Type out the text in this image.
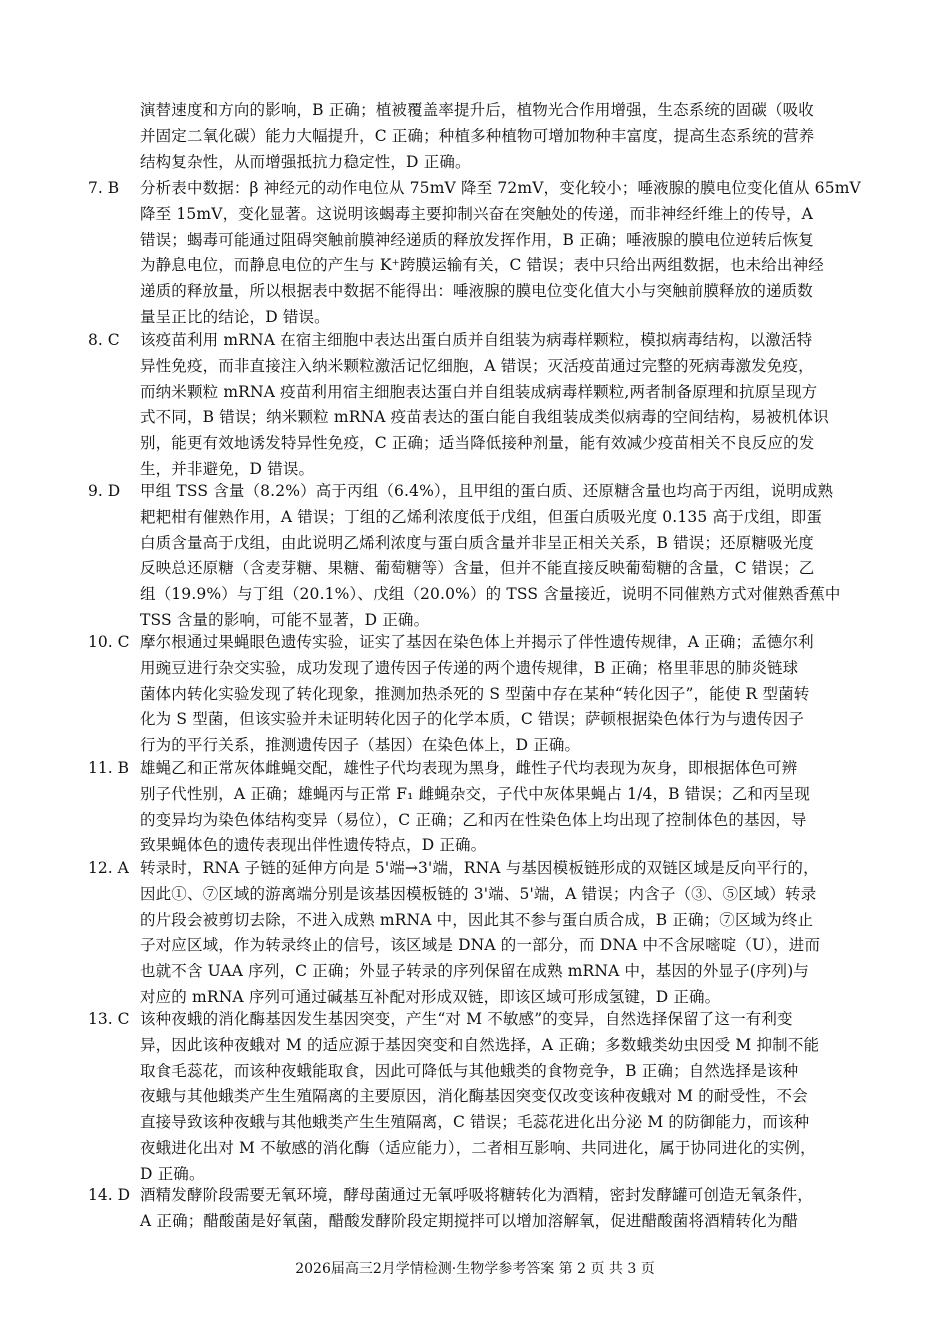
演替速度和方向的影响，B 正确；植被覆盖率提升后，植物光合作用增强，生态系统的固碳（吸收
并固定二氧化碳）能力大幅提升，C 正确；种植多种植物可增加物种丰富度，提高生态系统的营养
结构复杂性，从而增强抵抗力稳定性，D 正确。
7. B 分析表中数据：β 神经元的动作电位从 75mV 降至 72mV，变化较小；唾液腺的膜电位变化值从 65mV
降至 15mV，变化显著。这说明该蝎毒主要抑制兴奋在突触处的传递，而非神经纤维上的传导，A
错误；蝎毒可能通过阻碍突触前膜神经递质的释放发挥作用，B 正确；唾液腺的膜电位逆转后恢复
为静息电位，而静息电位的产生与 K⁺跨膜运输有关，C 错误；表中只给出两组数据，也未给出神经
递质的释放量，所以根据表中数据不能得出：唾液腺的膜电位变化值大小与突触前膜释放的递质数
量呈正比的结论，D 错误。
8. C 该疫苗利用 mRNA 在宿主细胞中表达出蛋白质并自组装为病毒样颗粒，模拟病毒结构，以激活特
异性免疫，而非直接注入纳米颗粒激活记忆细胞，A 错误；灭活疫苗通过完整的死病毒激发免疫，
而纳米颗粒 mRNA 疫苗利用宿主细胞表达蛋白并自组装成病毒样颗粒,两者制备原理和抗原呈现方
式不同，B 错误；纳米颗粒 mRNA 疫苗表达的蛋白能自我组装成类似病毒的空间结构，易被机体识
别，能更有效地诱发特异性免疫，C 正确；适当降低接种剂量，能有效减少疫苗相关不良反应的发
生，并非避免，D 错误。
9. D 甲组 TSS 含量（8.2%）高于丙组（6.4%），且甲组的蛋白质、还原糖含量也均高于丙组，说明成熟
耙耙柑有催熟作用，A 错误；丁组的乙烯利浓度低于戊组，但蛋白质吸光度 0.135 高于戊组，即蛋
白质含量高于戊组，由此说明乙烯利浓度与蛋白质含量并非呈正相关关系，B 错误；还原糖吸光度
反映总还原糖（含麦芽糖、果糖、葡萄糖等）含量，但并不能直接反映葡萄糖的含量，C 错误；乙
组（19.9%）与丁组（20.1%）、戊组（20.0%）的 TSS 含量接近，说明不同催熟方式对催熟香蕉中
TSS 含量的影响，可能不显著，D 正确。
10. C 摩尔根通过果蝇眼色遗传实验，证实了基因在染色体上并揭示了伴性遗传规律，A 正确；孟德尔利
用豌豆进行杂交实验，成功发现了遗传因子传递的两个遗传规律，B 正确；格里菲思的肺炎链球
菌体内转化实验发现了转化现象，推测加热杀死的 S 型菌中存在某种“转化因子”，能使 R 型菌转
化为 S 型菌，但该实验并未证明转化因子的化学本质，C 错误；萨顿根据染色体行为与遗传因子
行为的平行关系，推测遗传因子（基因）在染色体上，D 正确。
11. B 雄蝇乙和正常灰体雌蝇交配，雄性子代均表现为黑身，雌性子代均表现为灰身，即根据体色可辨
别子代性别，A 正确；雄蝇丙与正常 F₁ 雌蝇杂交，子代中灰体果蝇占 1/4，B 错误；乙和丙呈现
的变异均为染色体结构变异（易位），C 正确；乙和丙在性染色体上均出现了控制体色的基因，导
致果蝇体色的遗传表现出伴性遗传特点，D 正确。
12. A 转录时，RNA 子链的延伸方向是 5'端→3'端，RNA 与基因模板链形成的双链区域是反向平行的，
因此①、⑦区域的游离端分别是该基因模板链的 3'端、5'端，A 错误；内含子（③、⑤区域）转录
的片段会被剪切去除，不进入成熟 mRNA 中，因此其不参与蛋白质合成，B 正确；⑦区域为终止
子对应区域，作为转录终止的信号，该区域是 DNA 的一部分，而 DNA 中不含尿嘧啶（U），进而
也就不含 UAA 序列，C 正确；外显子转录的序列保留在成熟 mRNA 中，基因的外显子(序列)与
对应的 mRNA 序列可通过碱基互补配对形成双链，即该区域可形成氢键，D 正确。
13. C 该种夜蛾的消化酶基因发生基因突变，产生“对 M 不敏感”的变异，自然选择保留了这一有利变
异，因此该种夜蛾对 M 的适应源于基因突变和自然选择，A 正确；多数蛾类幼虫因受 M 抑制不能
取食毛蕊花，而该种夜蛾能取食，因此可降低与其他蛾类的食物竞争，B 正确；自然选择是该种
夜蛾与其他蛾类产生生殖隔离的主要原因，消化酶基因突变仅改变该种夜蛾对 M 的耐受性，不会
直接导致该种夜蛾与其他蛾类产生生殖隔离，C 错误；毛蕊花进化出分泌 M 的防御能力，而该种
夜蛾进化出对 M 不敏感的消化酶（适应能力），二者相互影响、共同进化，属于协同进化的实例，
D 正确。
14. D 酒精发酵阶段需要无氧环境，酵母菌通过无氧呼吸将糖转化为酒精，密封发酵罐可创造无氧条件，
A 正确；醋酸菌是好氧菌，醋酸发酵阶段定期搅拌可以增加溶解氧，促进醋酸菌将酒精转化为醋
2026届高三2月学情检测·生物学参考答案 第 2 页 共 3 页
